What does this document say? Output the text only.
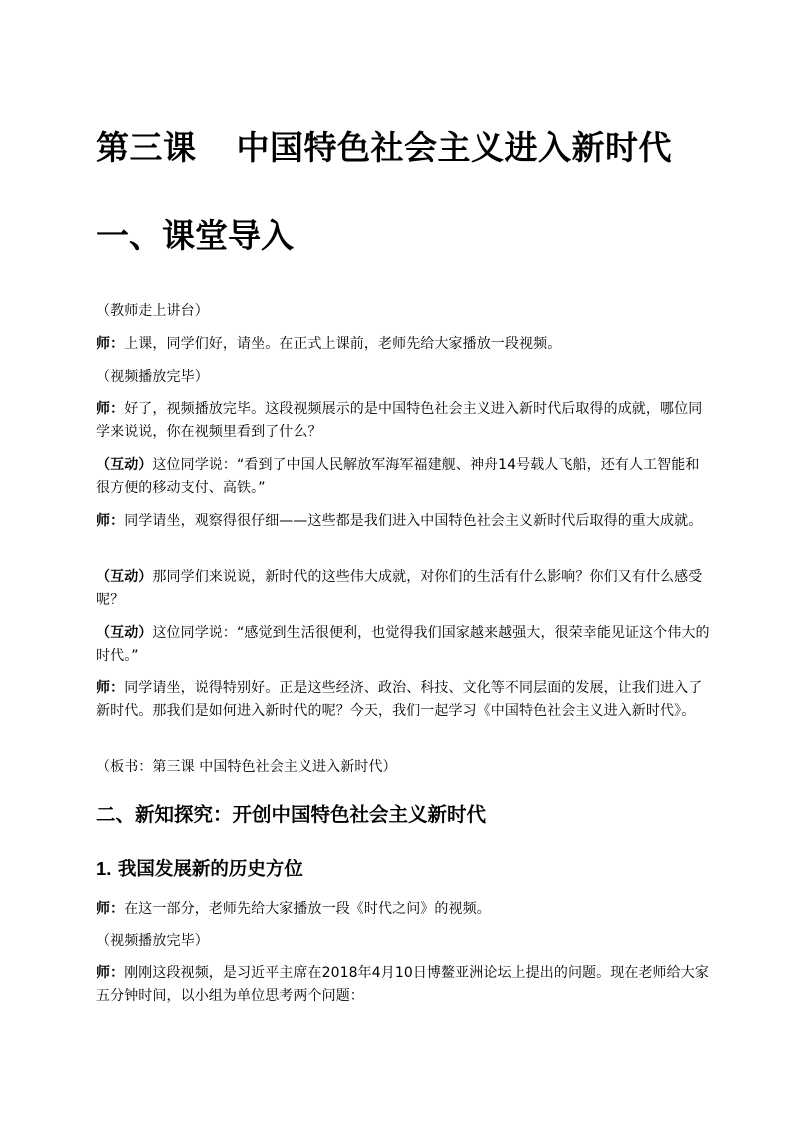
第三课 中国特色社会主义进入新时代
一、课堂导入
（教师走上讲台）
师：上课，同学们好，请坐。在正式上课前，老师先给大家播放一段视频。
（视频播放完毕）
师：好了，视频播放完毕。这段视频展示的是中国特色社会主义进入新时代后取得的成就，哪位同学来说说，你在视频里看到了什么？
（互动）这位同学说：“看到了中国人民解放军海军福建舰、神舟14号载人飞船，还有人工智能和很方便的移动支付、高铁。”
师：同学请坐，观察得很仔细——这些都是我们进入中国特色社会主义新时代后取得的重大成就。
（互动）那同学们来说说，新时代的这些伟大成就，对你们的生活有什么影响？你们又有什么感受呢？
（互动）这位同学说：“感觉到生活很便利，也觉得我们国家越来越强大，很荣幸能见证这个伟大的时代。”
师：同学请坐，说得特别好。正是这些经济、政治、科技、文化等不同层面的发展，让我们进入了新时代。那我们是如何进入新时代的呢？今天，我们一起学习《中国特色社会主义进入新时代》。
（板书：第三课 中国特色社会主义进入新时代）
二、新知探究：开创中国特色社会主义新时代
1. 我国发展新的历史方位
师：在这一部分，老师先给大家播放一段《时代之问》的视频。
（视频播放完毕）
师：刚刚这段视频，是习近平主席在2018年4月10日博鳌亚洲论坛上提出的问题。现在老师给大家五分钟时间，以小组为单位思考两个问题：
